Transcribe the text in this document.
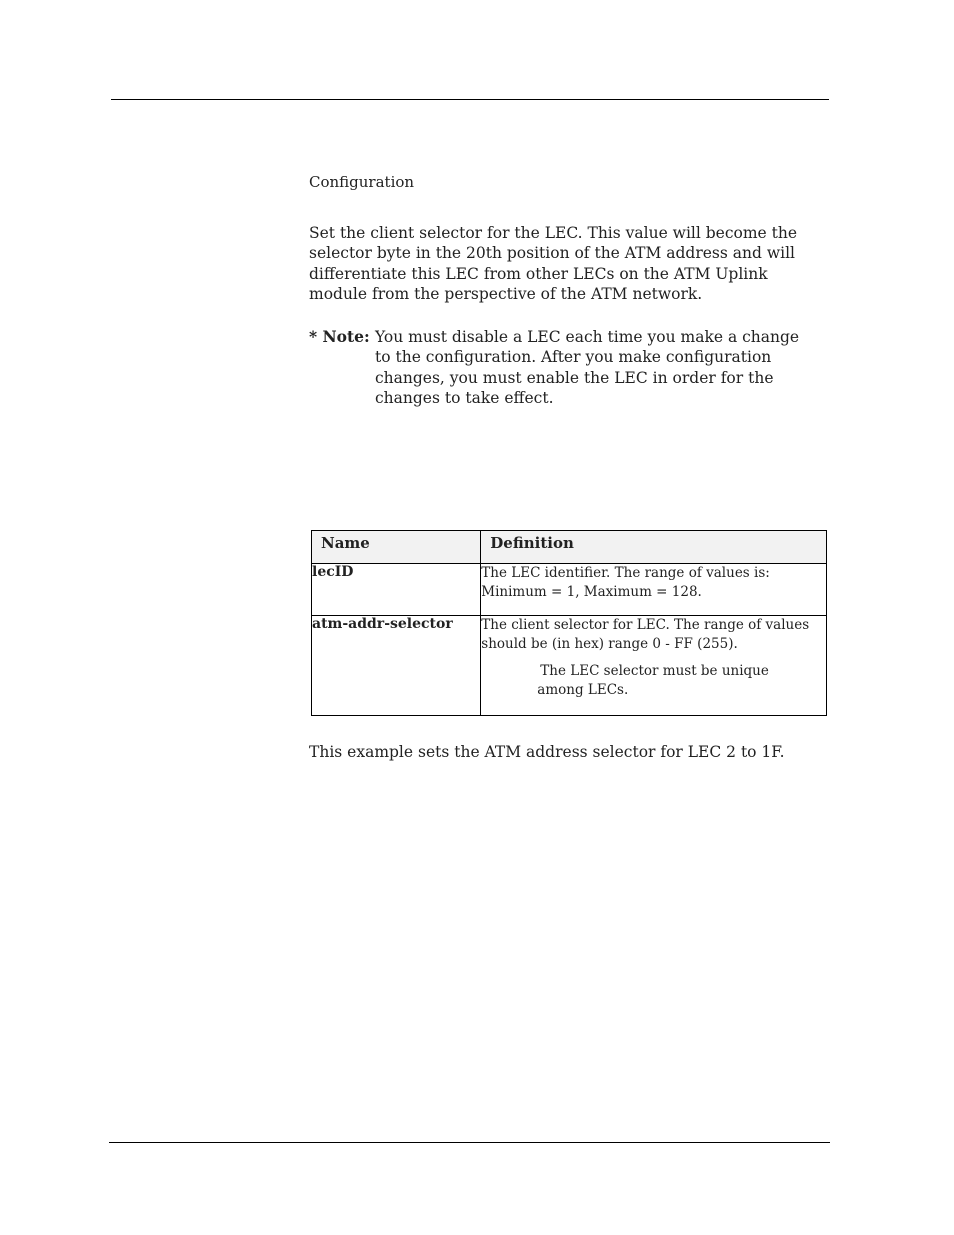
Configuration

Set the client selector for the LEC. This value will become the selector byte in the 20th position of the ATM address and will differentiate this LEC from other LECs on the ATM Uplink module from the perspective of the ATM network.

* Note: You must disable a LEC each time you make a change to the configuration. After you make configuration changes, you must enable the LEC in order for the changes to take effect.
Name	Definition
lecID	The LEC identifier. The range of values is: Minimum = 1, Maximum = 128.

atm-addr-selector	The client selector for LEC. The range of values should be (in hex) range 0 - FF (255).
The LEC selector must be unique among LECs.
This example sets the ATM address selector for LEC 2 to 1F.
